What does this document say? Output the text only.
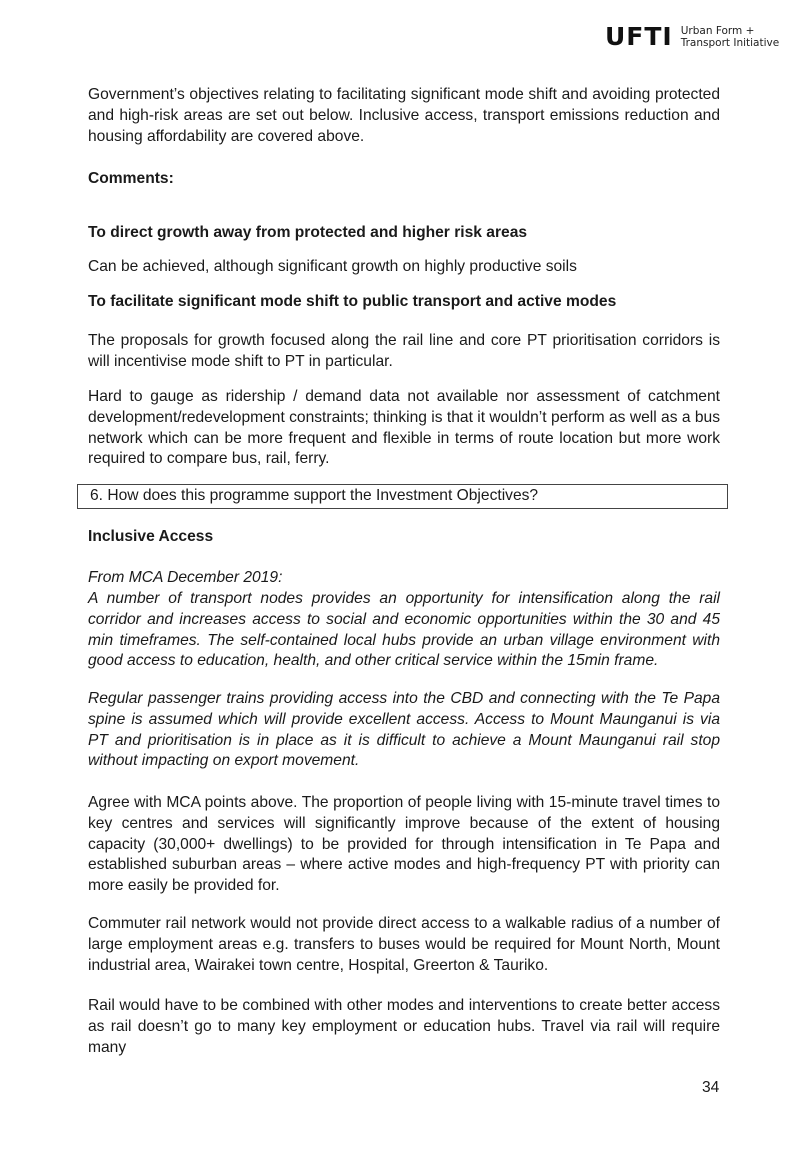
UFTI Urban Form +
Transport Initiative

Government’s objectives relating to facilitating significant mode shift and avoiding protected and high-risk areas are set out below. Inclusive access, transport emissions reduction and housing affordability are covered above.

Comments:

To direct growth away from protected and higher risk areas

Can be achieved, although significant growth on highly productive soils

To facilitate significant mode shift to public transport and active modes

The proposals for growth focused along the rail line and core PT prioritisation corridors is will incentivise mode shift to PT in particular.

Hard to gauge as ridership / demand data not available nor assessment of catchment development/redevelopment constraints; thinking is that it wouldn’t perform as well as a bus network which can be more frequent and flexible in terms of route location but more work required to compare bus, rail, ferry.

6. How does this programme support the Investment Objectives?

Inclusive Access

From MCA December 2019:

A number of transport nodes provides an opportunity for intensification along the rail corridor and increases access to social and economic opportunities within the 30 and 45 min timeframes. The self-contained local hubs provide an urban village environment with good access to education, health, and other critical service within the 15min frame.

Regular passenger trains providing access into the CBD and connecting with the Te Papa spine is assumed which will provide excellent access. Access to Mount Maunganui is via PT and prioritisation is in place as it is difficult to achieve a Mount Maunganui rail stop without impacting on export movement.

Agree with MCA points above. The proportion of people living with 15-minute travel times to key centres and services will significantly improve because of the extent of housing capacity (30,000+ dwellings) to be provided for through intensification in Te Papa and established suburban areas – where active modes and high-frequency PT with priority can more easily be provided for.

Commuter rail network would not provide direct access to a walkable radius of a number of large employment areas e.g. transfers to buses would be required for Mount North, Mount industrial area, Wairakei town centre, Hospital, Greerton & Tauriko.

Rail would have to be combined with other modes and interventions to create better access as rail doesn’t go to many key employment or education hubs. Travel via rail will require many

34
